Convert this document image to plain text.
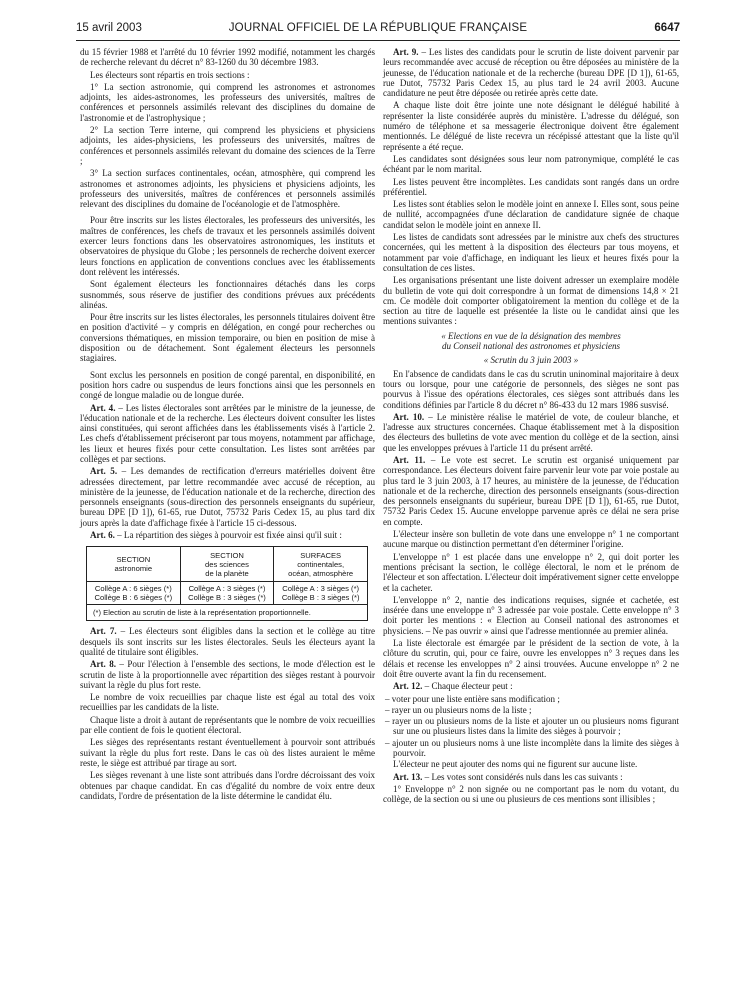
15 avril 2003	JOURNAL OFFICIEL DE LA RÉPUBLIQUE FRANÇAISE	6647

du 15 février 1988 et l'arrêté du 10 février 1992 modifié, notamment les chargés de recherche relevant du décret n° 83-1260 du 30 décembre 1983.

Les électeurs sont répartis en trois sections :

1° La section astronomie, qui comprend les astronomes et astronomes adjoints, les aides-astronomes, les professeurs des universités, maîtres de conférences et personnels assimilés relevant des disciplines du domaine de l'astronomie et de l'astrophysique ;

2° La section Terre interne, qui comprend les physiciens et physiciens adjoints, les aides-physiciens, les professeurs des universités, maîtres de conférences et personnels assimilés relevant du domaine des sciences de la Terre ;

3° La section surfaces continentales, océan, atmosphère, qui comprend les astronomes et astronomes adjoints, les physiciens et physiciens adjoints, les professeurs des universités, maîtres de conférences et personnels assimilés relevant des disciplines du domaine de l'océanologie et de l'atmosphère.

Pour être inscrits sur les listes électorales, les professeurs des universités, les maîtres de conférences, les chefs de travaux et les personnels assimilés doivent exercer leurs fonctions dans les observatoires astronomiques, les instituts et observatoires de physique du Globe ; les personnels de recherche doivent exercer leurs fonctions en application de conventions conclues avec les établissements dont relèvent les intéressés.

Sont également électeurs les fonctionnaires détachés dans les corps susnommés, sous réserve de justifier des conditions prévues aux précédents alinéas.

Pour être inscrits sur les listes électorales, les personnels titulaires doivent être en position d'activité – y compris en délégation, en congé pour recherches ou conversions thématiques, en mission temporaire, ou bien en position de mise à disposition ou de détachement. Sont également électeurs les personnels stagiaires.

Sont exclus les personnels en position de congé parental, en disponibilité, en position hors cadre ou suspendus de leurs fonctions ainsi que les personnels en congé de longue maladie ou de longue durée.

Art. 4. – Les listes électorales sont arrêtées par le ministre de la jeunesse, de l'éducation nationale et de la recherche. Les électeurs doivent consulter les listes ainsi constituées, qui seront affichées dans les établissements visés à l'article 2. Les chefs d'établissement préciseront par tous moyens, notamment par affichage, les lieux et heures fixés pour cette consultation. Les listes sont arrêtées par collèges et par sections.

Art. 5. – Les demandes de rectification d'erreurs matérielles doivent être adressées directement, par lettre recommandée avec accusé de réception, au ministère de la jeunesse, de l'éducation nationale et de la recherche, direction des personnels enseignants (sous-direction des personnels enseignants du supérieur, bureau DPE [D 1]), 61-65, rue Dutot, 75732 Paris Cedex 15, au plus tard dix jours après la date d'affichage fixée à l'article 15 ci-dessous.

Art. 6. – La répartition des sièges à pourvoir est fixée ainsi qu'il suit :

SECTION
astronomie	SECTION
des sciences
de la planète	SURFACES
continentales,
océan, atmosphère
Collège A : 6 sièges (*)
Collège B : 6 sièges (*)	Collège A : 3 sièges (*)
Collège B : 3 sièges (*)	Collège A : 3 sièges (*)
Collège B : 3 sièges (*)
(*) Election au scrutin de liste à la représentation proportionnelle.		

Art. 7. – Les électeurs sont éligibles dans la section et le collège au titre desquels ils sont inscrits sur les listes électorales. Seuls les électeurs ayant la qualité de titulaire sont éligibles.

Art. 8. – Pour l'élection à l'ensemble des sections, le mode d'élection est le scrutin de liste à la proportionnelle avec répartition des sièges restant à pourvoir suivant la règle du plus fort reste.

Le nombre de voix recueillies par chaque liste est égal au total des voix recueillies par les candidats de la liste.

Chaque liste a droit à autant de représentants que le nombre de voix recueillies par elle contient de fois le quotient électoral.

Les sièges des représentants restant éventuellement à pourvoir sont attribués suivant la règle du plus fort reste. Dans le cas où des listes auraient le même reste, le siège est attribué par tirage au sort.

Les sièges revenant à une liste sont attribués dans l'ordre décroissant des voix obtenues par chaque candidat. En cas d'égalité du nombre de voix entre deux candidats, l'ordre de présentation de la liste détermine le candidat élu.

Art. 9. – Les listes des candidats pour le scrutin de liste doivent parvenir par leurs recommandée avec accusé de réception ou être déposées au ministère de la jeunesse, de l'éducation nationale et de la recherche (bureau DPE [D 1]), 61-65, rue Dutot, 75732 Paris Cedex 15, au plus tard le 24 avril 2003. Aucune candidature ne peut être déposée ou retirée après cette date.

A chaque liste doit être jointe une note désignant le délégué habilité à représenter la liste considérée auprès du ministère. L'adresse du délégué, son numéro de téléphone et sa messagerie électronique doivent être également mentionnés. Le délégué de liste recevra un récépissé attestant que la liste qu'il représente a été reçue.

Les candidates sont désignées sous leur nom patronymique, complété le cas échéant par le nom marital.

Les listes peuvent être incomplètes. Les candidats sont rangés dans un ordre préférentiel.

Les listes sont établies selon le modèle joint en annexe I. Elles sont, sous peine de nullité, accompagnées d'une déclaration de candidature signée de chaque candidat selon le modèle joint en annexe II.

Les listes de candidats sont adressées par le ministre aux chefs des structures concernées, qui les mettent à la disposition des électeurs par tous moyens, et notamment par voie d'affichage, en indiquant les lieux et heures fixés pour la consultation de ces listes.

Les organisations présentant une liste doivent adresser un exemplaire modèle du bulletin de vote qui doit correspondre à un format de dimensions 14,8 × 21 cm. Ce modèle doit comporter obligatoirement la mention du collège et de la section au titre de laquelle est présentée la liste ou le candidat ainsi que les mentions suivantes :

« Elections en vue de la désignation des membres

du Conseil national des astronomes et physiciens

« Scrutin du 3 juin 2003 »

En l'absence de candidats dans le cas du scrutin uninominal majoritaire à deux tours ou lorsque, pour une catégorie de personnels, des sièges ne sont pas pourvus à l'issue des opérations électorales, ces sièges sont attribués dans les conditions définies par l'article 8 du décret n° 86-433 du 12 mars 1986 susvisé.

Art. 10. – Le ministère réalise le matériel de vote, de couleur blanche, et l'adresse aux structures concernées. Chaque établissement met à la disposition des électeurs des bulletins de vote avec mention du collège et de la section, ainsi que les enveloppes prévues à l'article 11 du présent arrêté.

Art. 11. – Le vote est secret. Le scrutin est organisé uniquement par correspondance. Les électeurs doivent faire parvenir leur vote par voie postale au plus tard le 3 juin 2003, à 17 heures, au ministère de la jeunesse, de l'éducation nationale et de la recherche, direction des personnels enseignants (sous-direction des personnels enseignants du supérieur, bureau DPE [D 1]), 61-65, rue Dutot, 75732 Paris Cedex 15. Aucune enveloppe parvenue après ce délai ne sera prise en compte.

L'électeur insère son bulletin de vote dans une enveloppe n° 1 ne comportant aucune marque ou distinction permettant d'en déterminer l'origine.

L'enveloppe n° 1 est placée dans une enveloppe n° 2, qui doit porter les mentions précisant la section, le collège électoral, le nom et le prénom de l'électeur et son affectation. L'électeur doit impérativement signer cette enveloppe et la cacheter.

L'enveloppe n° 2, nantie des indications requises, signée et cachetée, est insérée dans une enveloppe n° 3 adressée par voie postale. Cette enveloppe n° 3 doit porter les mentions : « Election au Conseil national des astronomes et physiciens. – Ne pas ouvrir » ainsi que l'adresse mentionnée au premier alinéa.

La liste électorale est émargée par le président de la section de vote, à la clôture du scrutin, qui, pour ce faire, ouvre les enveloppes n° 3 reçues dans les délais et recense les enveloppes n° 2 ainsi trouvées. Aucune enveloppe n° 2 ne doit être ouverte avant la fin du recensement.

Art. 12. – Chaque électeur peut :

– voter pour une liste entière sans modification ;
– rayer un ou plusieurs noms de la liste ;
– rayer un ou plusieurs noms de la liste et ajouter un ou plusieurs noms figurant sur une ou plusieurs listes dans la limite des sièges à pourvoir ;
– ajouter un ou plusieurs noms à une liste incomplète dans la limite des sièges à pourvoir.

L'électeur ne peut ajouter des noms qui ne figurent sur aucune liste.

Art. 13. – Les votes sont considérés nuls dans les cas suivants :

1° Enveloppe n° 2 non signée ou ne comportant pas le nom du votant, du collège, de la section ou si une ou plusieurs de ces mentions sont illisibles ;
